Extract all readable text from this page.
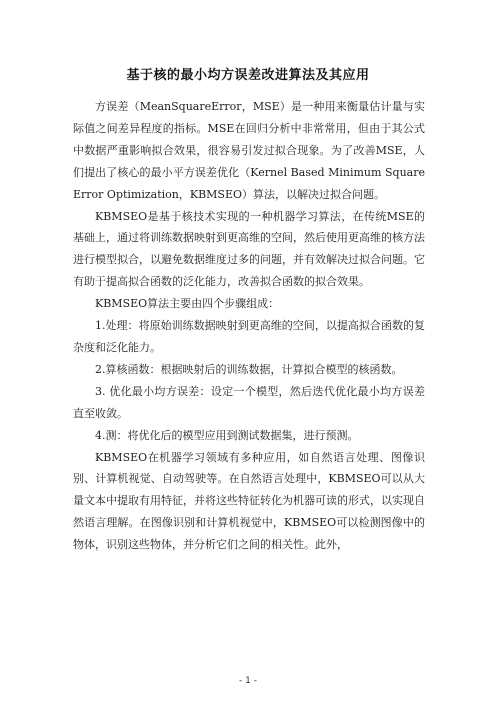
基于核的最小均方误差改进算法及其应用

方误差（MeanSquareError，MSE）是一种用来衡量估计量与实际值之间差异程度的指标。MSE在回归分析中非常常用，但由于其公式中数据严重影响拟合效果，很容易引发过拟合现象。为了改善MSE，人们提出了核心的最小平方误差优化（Kernel Based Minimum Square Error Optimization，KBMSEO）算法，以解决过拟合问题。

KBMSEO是基于核技术实现的一种机器学习算法，在传统MSE的基础上，通过将训练数据映射到更高维的空间，然后使用更高维的核方法进行模型拟合，以避免数据维度过多的问题，并有效解决过拟合问题。它有助于提高拟合函数的泛化能力，改善拟合函数的拟合效果。

KBMSEO算法主要由四个步骤组成：

1.处理：将原始训练数据映射到更高维的空间，以提高拟合函数的复杂度和泛化能力。

2.算核函数：根据映射后的训练数据，计算拟合模型的核函数。

3. 优化最小均方误差：设定一个模型，然后迭代优化最小均方误差直至收敛。

4.测：将优化后的模型应用到测试数据集，进行预测。

KBMSEO在机器学习领域有多种应用，如自然语言处理、图像识别、计算机视觉、自动驾驶等。在自然语言处理中，KBMSEO可以从大量文本中提取有用特征，并将这些特征转化为机器可读的形式，以实现自然语言理解。在图像识别和计算机视觉中，KBMSEO可以检测图像中的物体，识别这些物体，并分析它们之间的相关性。此外，

- 1 -
